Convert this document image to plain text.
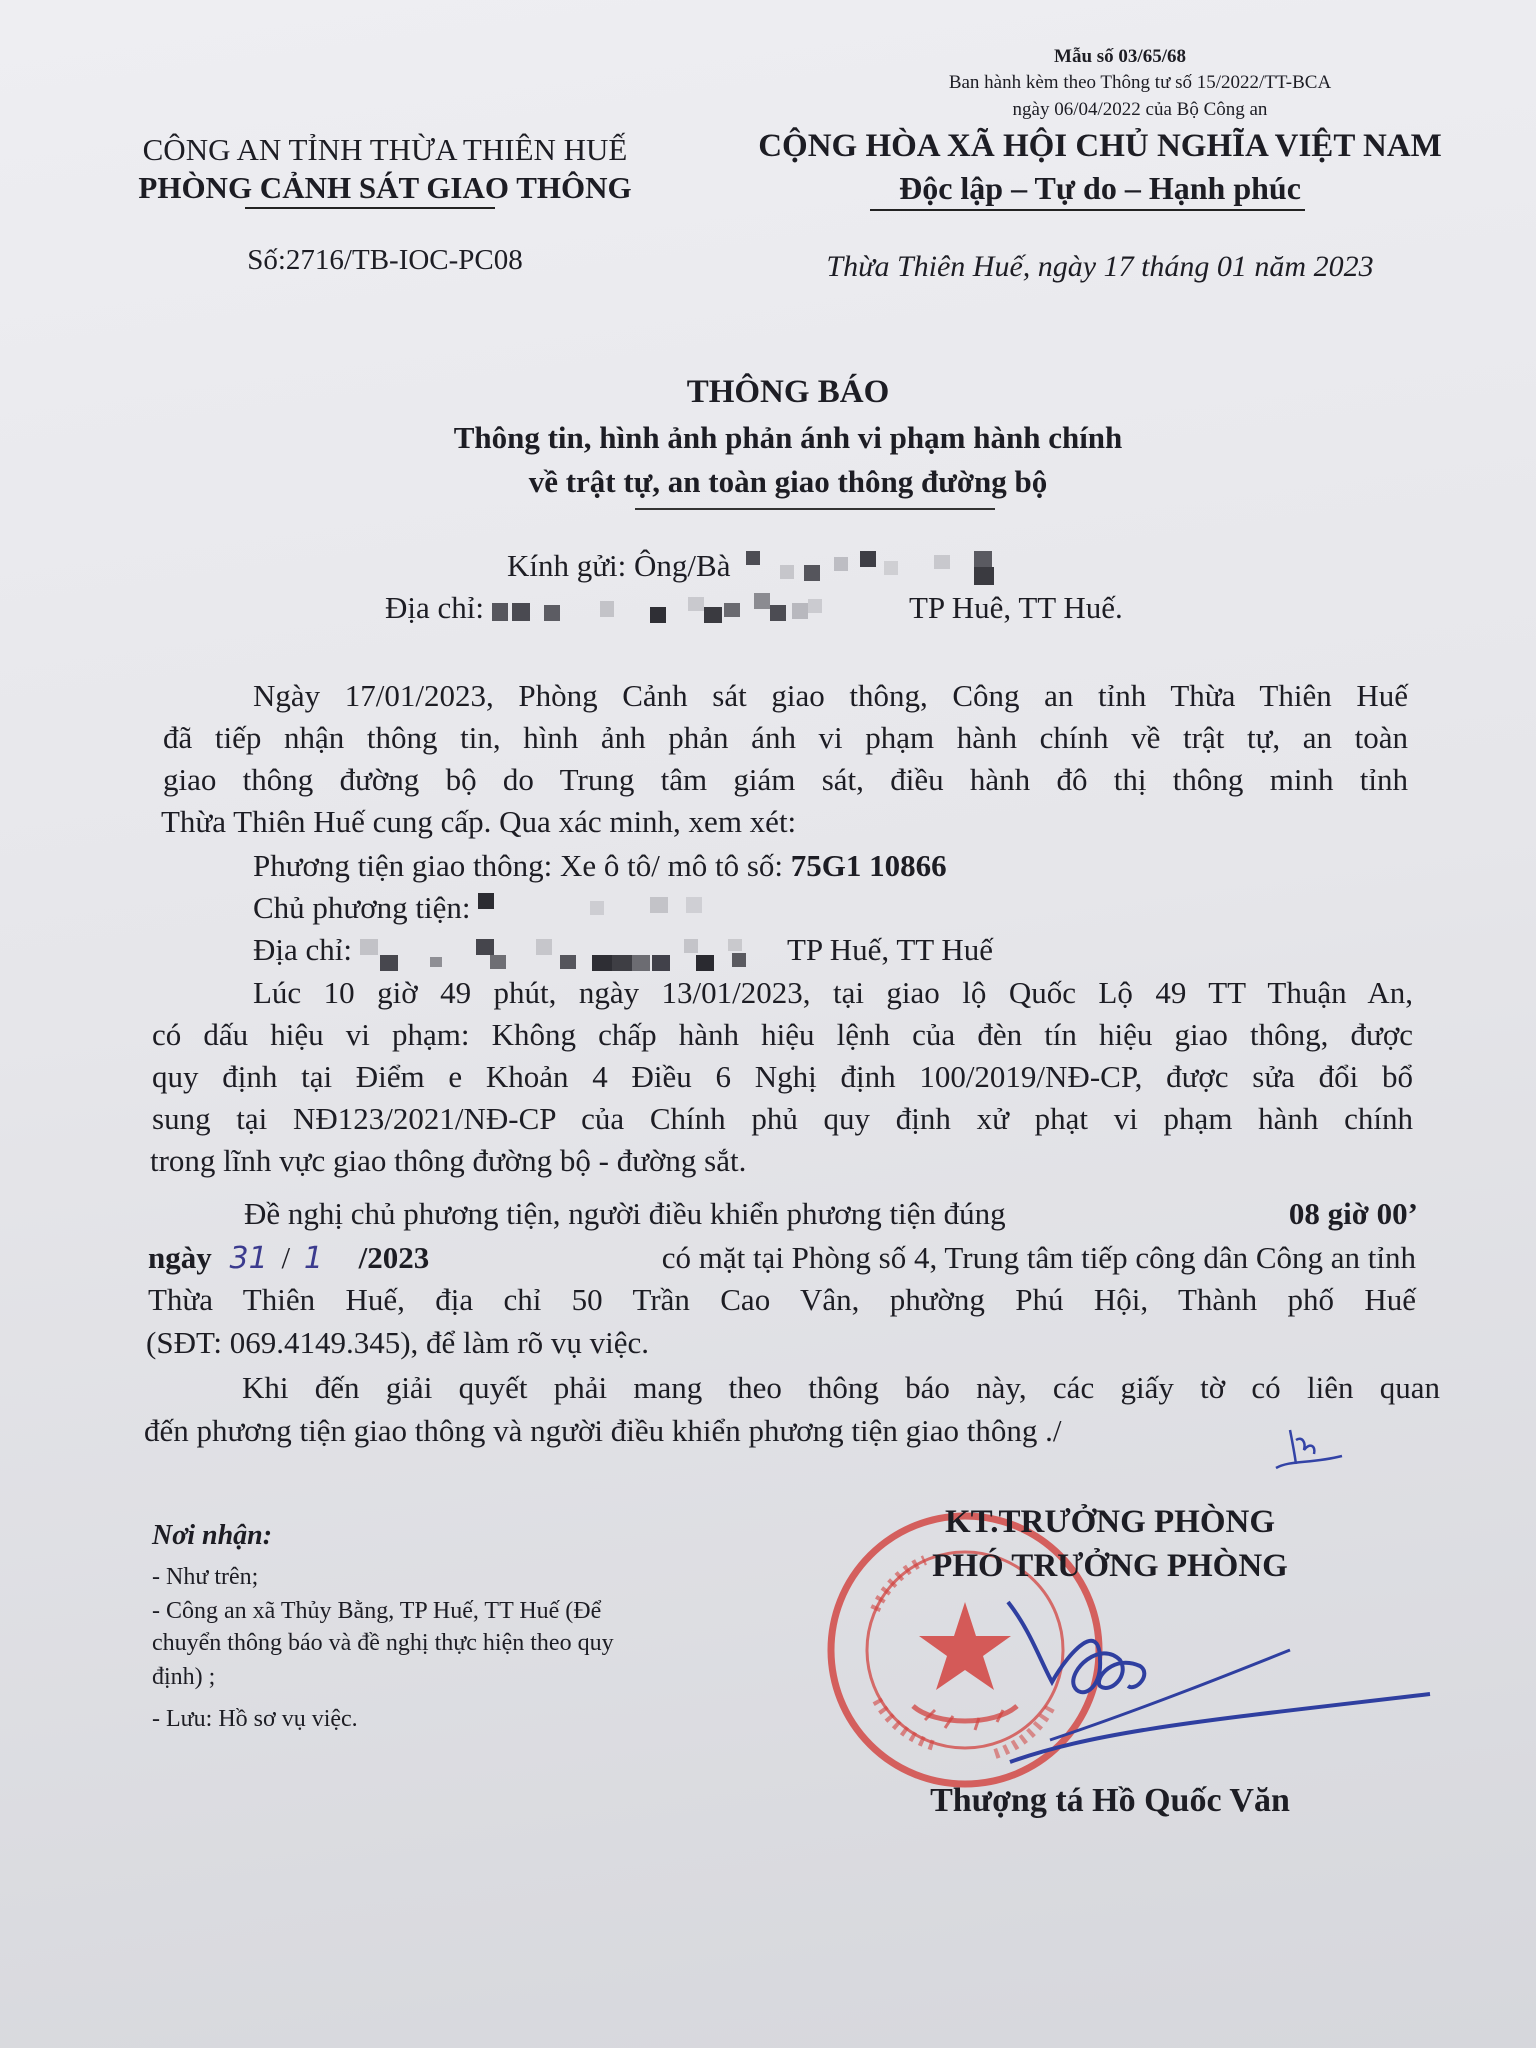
Mẫu số 03/65/68
Ban hành kèm theo Thông tư số 15/2022/TT-BCA
ngày 06/04/2022 của Bộ Công an
CÔNG AN TỈNH THỪA THIÊN HUẾ
PHÒNG CẢNH SÁT GIAO THÔNG
Số:2716/TB-IOC-PC08
CỘNG HÒA XÃ HỘI CHỦ NGHĨA VIỆT NAM
Độc lập – Tự do – Hạnh phúc
Thừa Thiên Huế, ngày 17 tháng 01 năm 2023
THÔNG BÁO
Thông tin, hình ảnh phản ánh vi phạm hành chính
về trật tự, an toàn giao thông đường bộ
Kính gửi: Ông/Bà
Địa chỉ:	TP Huê, TT Huế.
Ngày 17/01/2023, Phòng Cảnh sát giao thông, Công an tỉnh Thừa Thiên Huế
đã tiếp nhận thông tin, hình ảnh phản ánh vi phạm hành chính về trật tự, an toàn
giao thông đường bộ do Trung tâm giám sát, điều hành đô thị thông minh tỉnh
Thừa Thiên Huế cung cấp. Qua xác minh, xem xét:
Phương tiện giao thông: Xe ô tô/ mô tô số: 75G1 10866
Chủ phương tiện:
Địa chỉ:	TP Huế, TT Huế
Lúc 10 giờ 49 phút, ngày 13/01/2023, tại giao lộ Quốc Lộ 49 TT Thuận An,
có dấu hiệu vi phạm: Không chấp hành hiệu lệnh của đèn tín hiệu giao thông, được
quy định tại Điểm e Khoản 4 Điều 6 Nghị định 100/2019/NĐ-CP, được sửa đổi bổ
sung tại NĐ123/2021/NĐ-CP của Chính phủ quy định xử phạt vi phạm hành chính
trong lĩnh vực giao thông đường bộ - đường sắt.
Đề nghị chủ phương tiện, người điều khiển phương tiện đúng	08 giờ 00’
ngày 31 / 1 /2023	có mặt tại Phòng số 4, Trung tâm tiếp công dân Công an tỉnh
Thừa Thiên Huế, địa chỉ 50 Trần Cao Vân, phường Phú Hội, Thành phố Huế
(SĐT: 069.4149.345), để làm rõ vụ việc.
Khi đến giải quyết phải mang theo thông báo này, các giấy tờ có liên quan
đến phương tiện giao thông và người điều khiển phương tiện giao thông ./
Nơi nhận:
- Như trên;
- Công an xã Thủy Bằng, TP Huế, TT Huế (Để
chuyển thông báo và đề nghị thực hiện theo quy
định) ;
- Lưu: Hồ sơ vụ việc.
KT.TRƯỞNG PHÒNG
PHÓ TRƯỞNG PHÒNG
Thượng tá Hồ Quốc Văn
